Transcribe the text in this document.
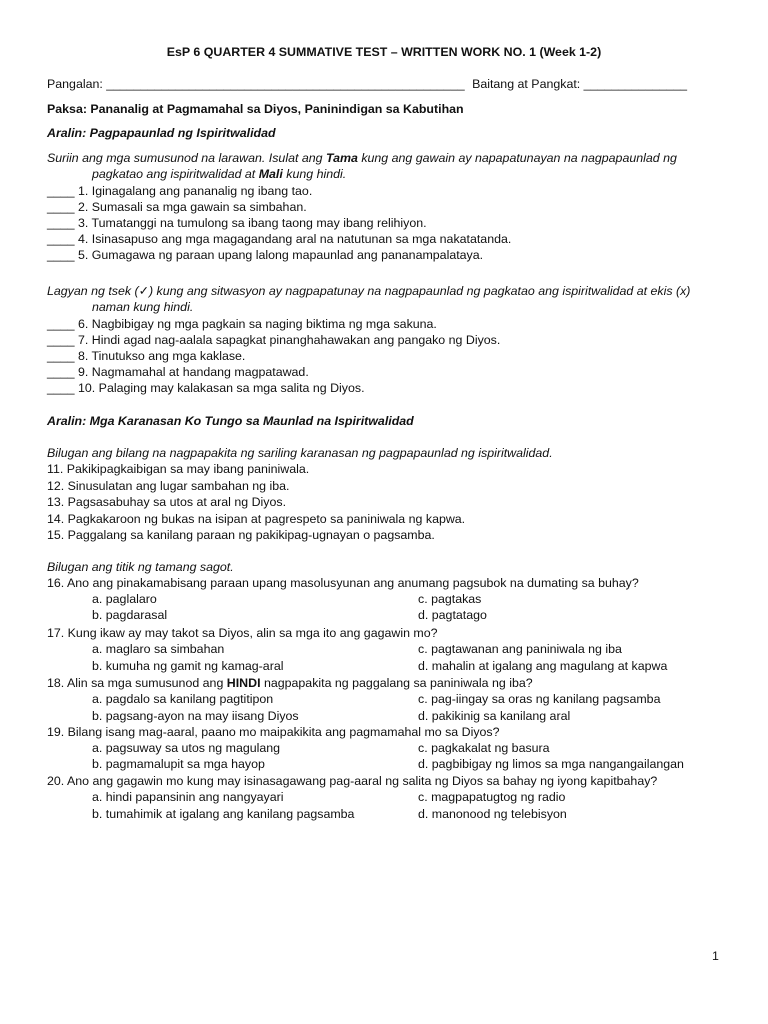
EsP 6 QUARTER 4 SUMMATIVE TEST – WRITTEN WORK NO. 1 (Week 1-2)
Pangalan: ____________________________________________________ Baitang at Pangkat: _______________
Paksa: Pananalig at Pagmamahal sa Diyos, Paninindigan sa Kabutihan
Aralin: Pagpapaunlad ng Ispiritwalidad
Suriin ang mga sumusunod na larawan. Isulat ang Tama kung ang gawain ay napapatunayan na nagpapaunlad ng
pagkatao ang ispiritwalidad at Mali kung hindi.
____ 1. Iginagalang ang pananalig ng ibang tao.
____ 2. Sumasali sa mga gawain sa simbahan.
____ 3. Tumatanggi na tumulong sa ibang taong may ibang relihiyon.
____ 4. Isinasapuso ang mga magagandang aral na natutunan sa mga nakatatanda.
____ 5. Gumagawa ng paraan upang lalong mapaunlad ang pananampalataya.
Lagyan ng tsek (✓) kung ang sitwasyon ay nagpapatunay na nagpapaunlad ng pagkatao ang ispiritwalidad at ekis (x)
naman kung hindi.
____ 6. Nagbibigay ng mga pagkain sa naging biktima ng mga sakuna.
____ 7. Hindi agad nag-aalala sapagkat pinanghahawakan ang pangako ng Diyos.
____ 8. Tinutukso ang mga kaklase.
____ 9. Nagmamahal at handang magpatawad.
____ 10. Palaging may kalakasan sa mga salita ng Diyos.
Aralin: Mga Karanasan Ko Tungo sa Maunlad na Ispiritwalidad
Bilugan ang bilang na nagpapakita ng sariling karanasan ng pagpapaunlad ng ispiritwalidad.
11. Pakikipagkaibigan sa may ibang paniniwala.
12. Sinusulatan ang lugar sambahan ng iba.
13. Pagsasabuhay sa utos at aral ng Diyos.
14. Pagkakaroon ng bukas na isipan at pagrespeto sa paniniwala ng kapwa.
15. Paggalang sa kanilang paraan ng pakikipag-ugnayan o pagsamba.
Bilugan ang titik ng tamang sagot.
16. Ano ang pinakamabisang paraan upang masolusyunan ang anumang pagsubok na dumating sa buhay?
a. paglalaro	c. pagtakas
b. pagdarasal	d. pagtatago
17. Kung ikaw ay may takot sa Diyos, alin sa mga ito ang gagawin mo?
a. maglaro sa simbahan	c. pagtawanan ang paniniwala ng iba
b. kumuha ng gamit ng kamag-aral	d. mahalin at igalang ang magulang at kapwa
18. Alin sa mga sumusunod ang HINDI nagpapakita ng paggalang sa paniniwala ng iba?
a. pagdalo sa kanilang pagtitipon	c. pag-iingay sa oras ng kanilang pagsamba
b. pagsang-ayon na may iisang Diyos	d. pakikinig sa kanilang aral
19. Bilang isang mag-aaral, paano mo maipakikita ang pagmamahal mo sa Diyos?
a. pagsuway sa utos ng magulang	c. pagkakalat ng basura
b. pagmamalupit sa mga hayop	d. pagbibigay ng limos sa mga nangangailangan
20. Ano ang gagawin mo kung may isinasagawang pag-aaral ng salita ng Diyos sa bahay ng iyong kapitbahay?
a. hindi papansinin ang nangyayari	c. magpapatugtog ng radio
b. tumahimik at igalang ang kanilang pagsamba	d. manonood ng telebisyon
1
